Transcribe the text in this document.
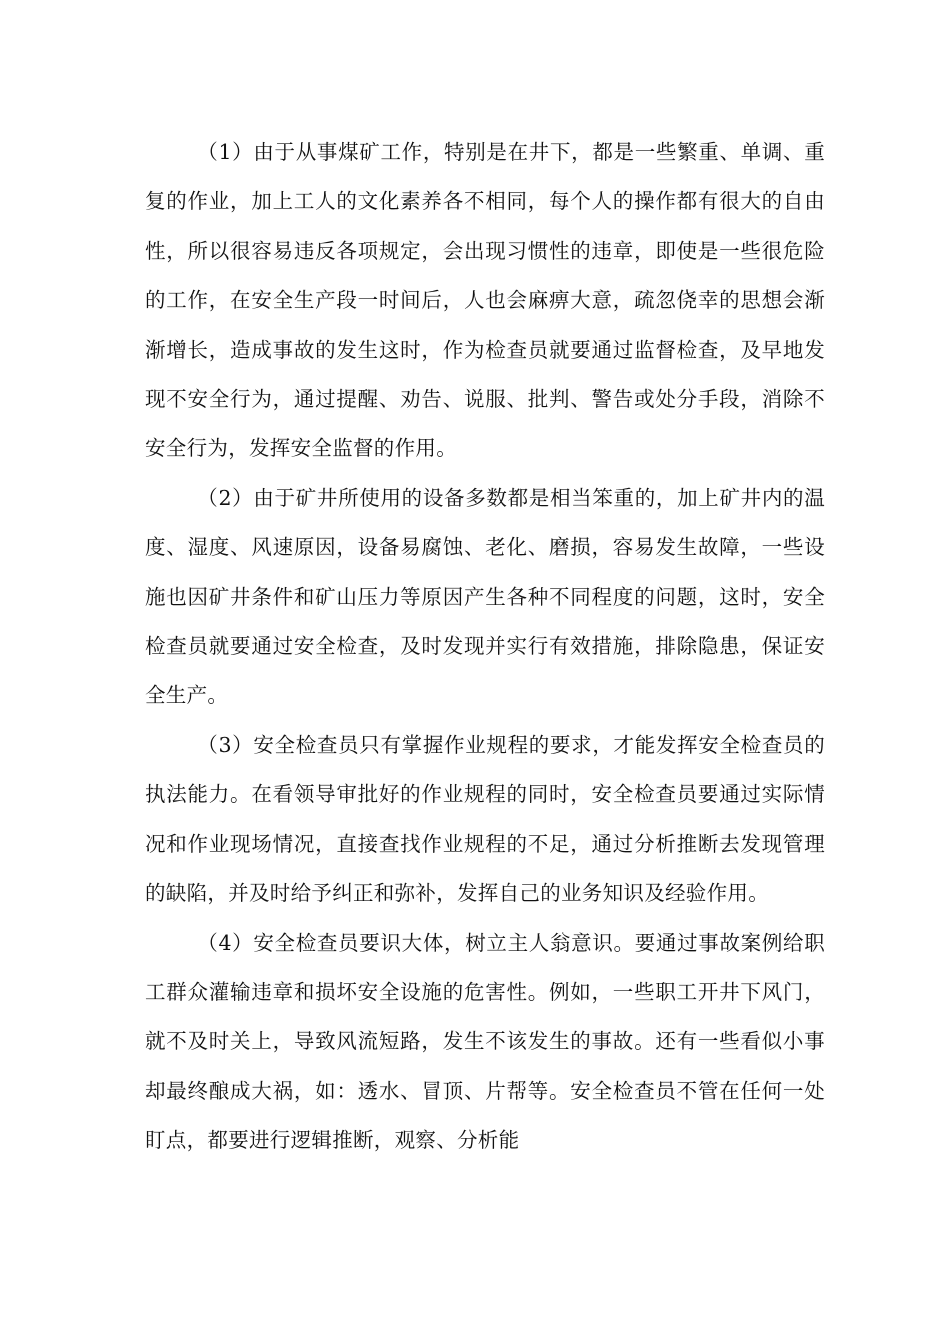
（1）由于从事煤矿工作，特别是在井下，都是一些繁重、单调、重复的作业，加上工人的文化素养各不相同，每个人的操作都有很大的自由性，所以很容易违反各项规定，会出现习惯性的违章，即使是一些很危险的工作，在安全生产段一时间后，人也会麻痹大意，疏忽侥幸的思想会渐渐增长，造成事故的发生这时，作为检查员就要通过监督检查，及早地发现不安全行为，通过提醒、劝告、说服、批判、警告或处分手段，消除不安全行为，发挥安全监督的作用。

（2）由于矿井所使用的设备多数都是相当笨重的，加上矿井内的温度、湿度、风速原因，设备易腐蚀、老化、磨损，容易发生故障，一些设施也因矿井条件和矿山压力等原因产生各种不同程度的问题，这时，安全检查员就要通过安全检查，及时发现并实行有效措施，排除隐患，保证安全生产。

（3）安全检查员只有掌握作业规程的要求，才能发挥安全检查员的执法能力。在看领导审批好的作业规程的同时，安全检查员要通过实际情况和作业现场情况，直接查找作业规程的不足，通过分析推断去发现管理的缺陷，并及时给予纠正和弥补，发挥自己的业务知识及经验作用。

（4）安全检查员要识大体，树立主人翁意识。要通过事故案例给职工群众灌输违章和损坏安全设施的危害性。例如，一些职工开井下风门，就不及时关上，导致风流短路，发生不该发生的事故。还有一些看似小事却最终酿成大祸，如：透水、冒顶、片帮等。安全检查员不管在任何一处盯点，都要进行逻辑推断，观察、分析能
